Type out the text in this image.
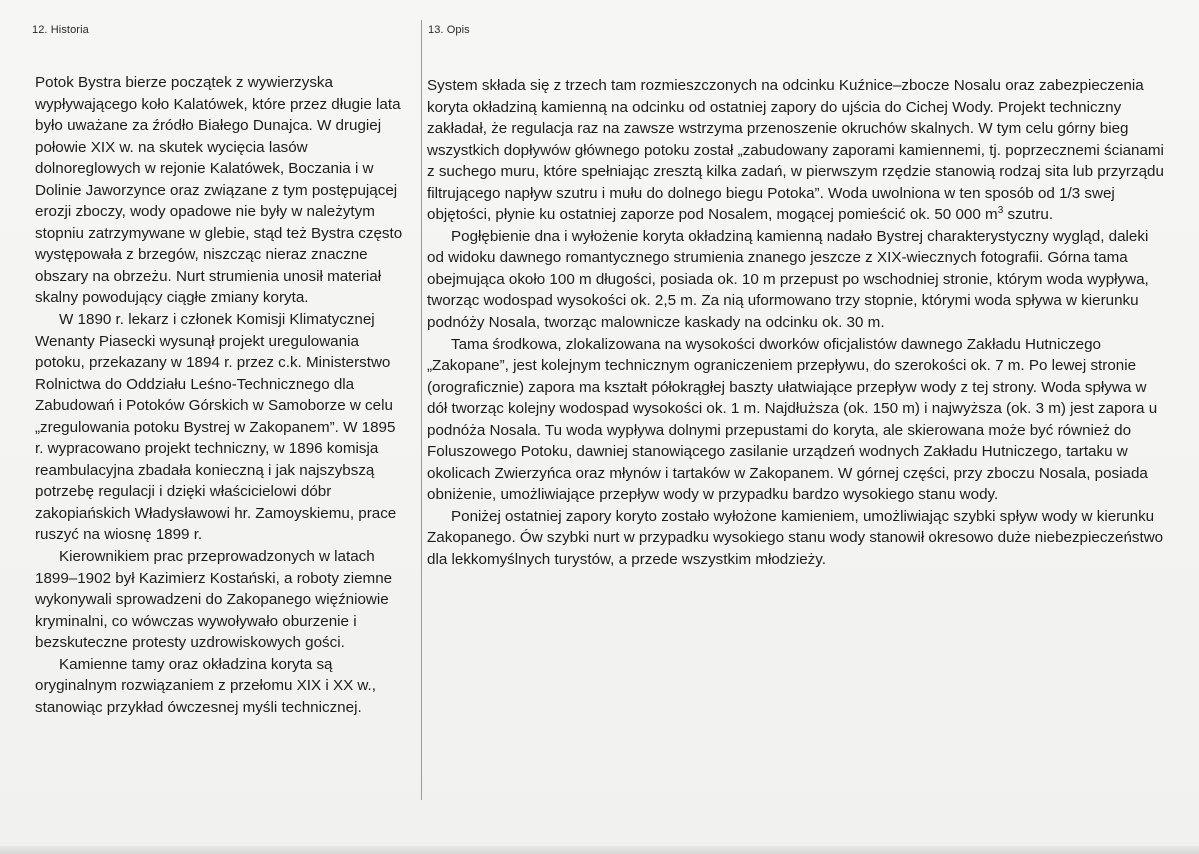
12. Historia	13. Opis

Potok Bystra bierze początek z wywierzyska wypływającego koło Kalatówek, które przez długie lata było uważane za źródło Białego Dunajca. W drugiej połowie XIX w. na skutek wycięcia lasów dolnoreglowych w rejonie Kalatówek, Boczania i w Dolinie Jaworzynce oraz związane z tym postępującej erozji zboczy, wody opadowe nie były w należytym stopniu zatrzymywane w glebie, stąd też Bystra często występowała z brzegów, niszcząc nieraz znaczne obszary na obrzeżu. Nurt strumienia unosił materiał skalny powodujący ciągłe zmiany koryta.

W 1890 r. lekarz i członek Komisji Klimatycznej Wenanty Piasecki wysunął projekt uregulowania potoku, przekazany w 1894 r. przez c.k. Ministerstwo Rolnictwa do Oddziału Leśno-Technicznego dla Zabudowań i Potoków Górskich w Samoborze w celu „zregulowania potoku Bystrej w Zakopanem”. W 1895 r. wypracowano projekt techniczny, w 1896 komisja reambulacyjna zbadała konieczną i jak najszybszą potrzebę regulacji i dzięki właścicielowi dóbr zakopiańskich Władysławowi hr. Zamoyskiemu, prace ruszyć na wiosnę 1899 r.

Kierownikiem prac przeprowadzonych w latach 1899–1902 był Kazimierz Kostański, a roboty ziemne wykonywali sprowadzeni do Zakopanego więźniowie kryminalni, co wówczas wywoływało oburzenie i bezskuteczne protesty uzdrowiskowych gości.

Kamienne tamy oraz okładzina koryta są oryginalnym rozwiązaniem z przełomu XIX i XX w., stanowiąc przykład ówczesnej myśli technicznej.

System składa się z trzech tam rozmieszczonych na odcinku Kuźnice–zbocze Nosalu oraz zabezpieczenia koryta okładziną kamienną na odcinku od ostatniej zapory do ujścia do Cichej Wody. Projekt techniczny zakładał, że regulacja raz na zawsze wstrzyma przenoszenie okruchów skalnych. W tym celu górny bieg wszystkich dopływów głównego potoku został „zabudowany zaporami kamiennemi, tj. poprzecznemi ścianami z suchego muru, które spełniając zresztą kilka zadań, w pierwszym rzędzie stanowią rodzaj sita lub przyrządu filtrującego napływ szutru i mułu do dolnego biegu Potoka”. Woda uwolniona w ten sposób od 1/3 swej objętości, płynie ku ostatniej zaporze pod Nosalem, mogącej pomieścić ok. 50 000 $m^3$ szutru.

Pogłębienie dna i wyłożenie koryta okładziną kamienną nadało Bystrej charakterystyczny wygląd, daleki od widoku dawnego romantycznego strumienia znanego jeszcze z XIX-wiecznych fotografii. Górna tama obejmująca około 100 m długości, posiada ok. 10 m przepust po wschodniej stronie, którym woda wypływa, tworząc wodospad wysokości ok. 2,5 m. Za nią uformowano trzy stopnie, którymi woda spływa w kierunku podnóży Nosala, tworząc malownicze kaskady na odcinku ok. 30 m.

Tama środkowa, zlokalizowana na wysokości dworków oficjalistów dawnego Zakładu Hutniczego „Zakopane”, jest kolejnym technicznym ograniczeniem przepływu, do szerokości ok. 7 m. Po lewej stronie (orograficznie) zapora ma kształt półokrągłej baszty ułatwiające przepływ wody z tej strony. Woda spływa w dół tworząc kolejny wodospad wysokości ok. 1 m. Najdłuższa (ok. 150 m) i najwyższa (ok. 3 m) jest zapora u podnóża Nosala. Tu woda wypływa dolnymi przepustami do koryta, ale skierowana może być również do Foluszowego Potoku, dawniej stanowiącego zasilanie urządzeń wodnych Zakładu Hutniczego, tartaku w okolicach Zwierzyńca oraz młynów i tartaków w Zakopanem. W górnej części, przy zboczu Nosala, posiada obniżenie, umożliwiające przepływ wody w przypadku bardzo wysokiego stanu wody.

Poniżej ostatniej zapory koryto zostało wyłożone kamieniem, umożliwiając szybki spływ wody w kierunku Zakopanego. Ów szybki nurt w przypadku wysokiego stanu wody stanowił okresowo duże niebezpieczeństwo dla lekkomyślnych turystów, a przede wszystkim młodzieży.
